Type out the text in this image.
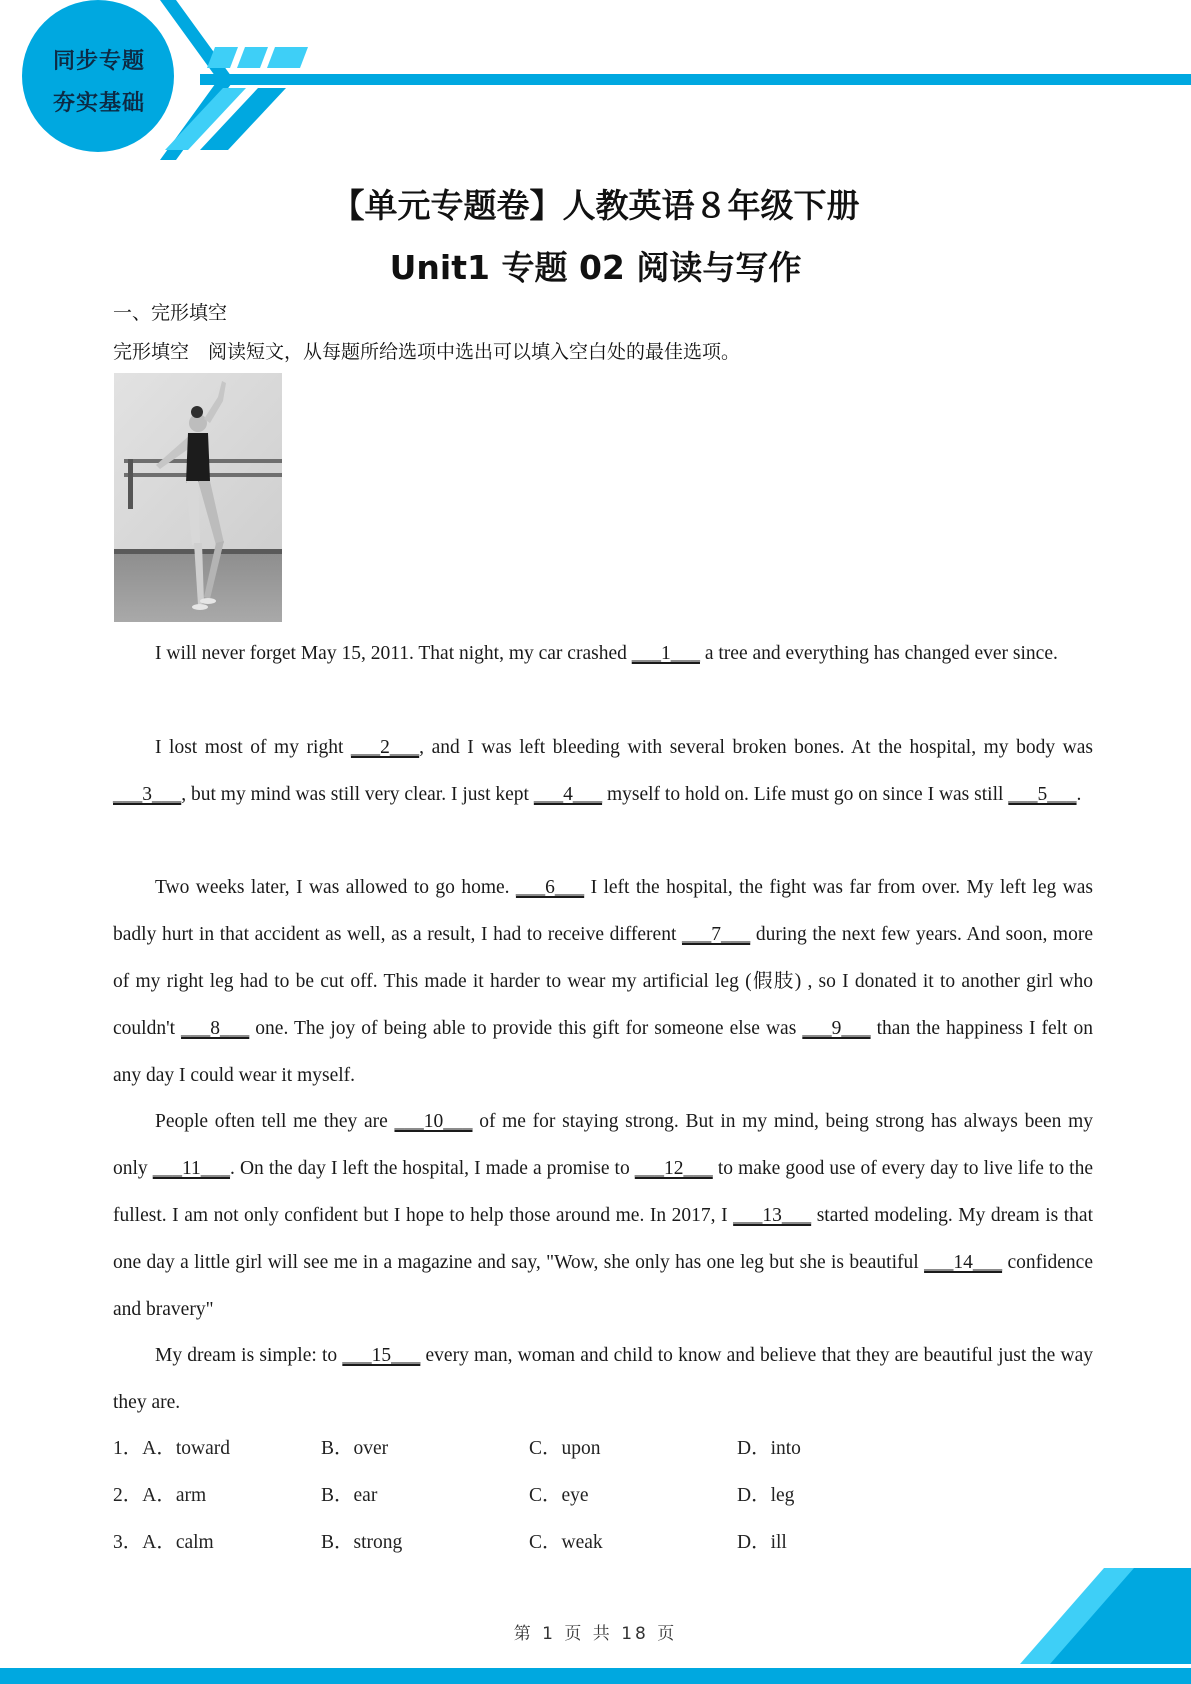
同步专题
夯实基础
【单元专题卷】人教英语８年级下册
Unit1 专题 02 阅读与写作
一、完形填空
完形填空　阅读短文，从每题所给选项中选出可以填入空白处的最佳选项。

I will never forget May 15, 2011. That night, my car crashed ___1___ a tree and everything has changed ever since.

I lost most of my right ___2___, and I was left bleeding with several broken bones. At the hospital, my body was ___3___, but my mind was still very clear. I just kept ___4___ myself to hold on. Life must go on since I was still ___5___.

Two weeks later, I was allowed to go home. ___6___ I left the hospital, the fight was far from over. My left leg was badly hurt in that accident as well, as a result, I had to receive different ___7___ during the next few years. And soon, more of my right leg had to be cut off. This made it harder to wear my artificial leg (假肢) , so I donated it to another girl who couldn't ___8___ one. The joy of being able to provide this gift for someone else was ___9___ than the happiness I felt on any day I could wear it myself.

People often tell me they are ___10___ of me for staying strong. But in my mind, being strong has always been my only ___11___. On the day I left the hospital, I made a promise to ___12___ to make good use of every day to live life to the fullest. I am not only confident but I hope to help those around me. In 2017, I ___13___ started modeling. My dream is that one day a little girl will see me in a magazine and say, "Wow, she only has one leg but she is beautiful ___14___ confidence and bravery"

My dream is simple: to ___15___ every man, woman and child to know and believe that they are beautiful just the way they are.

1．A．toward	B．over	C．upon	D．into
2．A．arm	B．ear	C．eye	D．leg
3．A．calm	B．strong	C．weak	D．ill
第 1 页 共 18 页
